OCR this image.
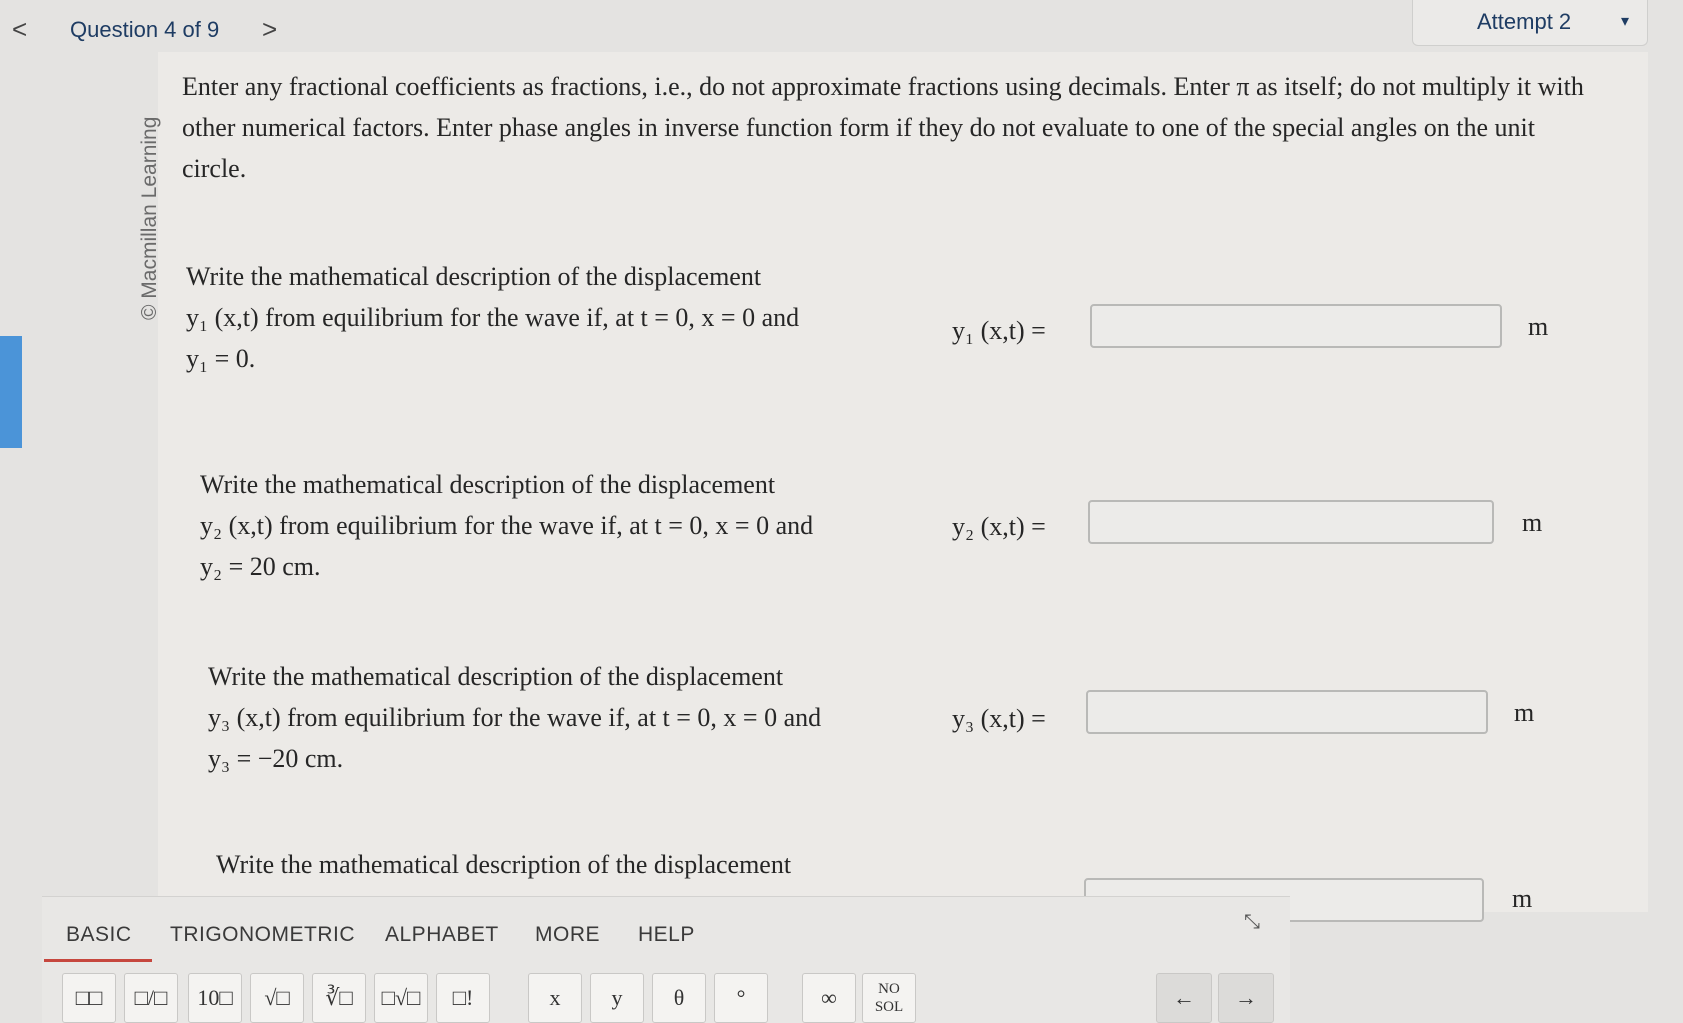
< Question 4 of 9 >	Attempt 2	▾
© Macmillan Learning
Enter any fractional coefficients as fractions, i.e., do not approximate fractions using decimals. Enter π as itself; do not multiply it with other numerical factors. Enter phase angles in inverse function form if they do not evaluate to one of the special angles on the unit circle.
Write the mathematical description of the displacement
y₁ (x,t) from equilibrium for the wave if, at t = 0, x = 0 and
y₁ = 0.
y₁ (x,t) =	m
Write the mathematical description of the displacement
y₂ (x,t) from equilibrium for the wave if, at t = 0, x = 0 and
y₂ = 20 cm.
y₂ (x,t) =	m
Write the mathematical description of the displacement
y₃ (x,t) from equilibrium for the wave if, at t = 0, x = 0 and
y₃ = −20 cm.
y₃ (x,t) =	m
Write the mathematical description of the displacement
m
BASIC TRIGONOMETRIC ALPHABET MORE HELP
⤡
□□	□/□	10□	√□	∛□	□√□	□!	x	y	θ	°	∞	NO SOL	←	→
